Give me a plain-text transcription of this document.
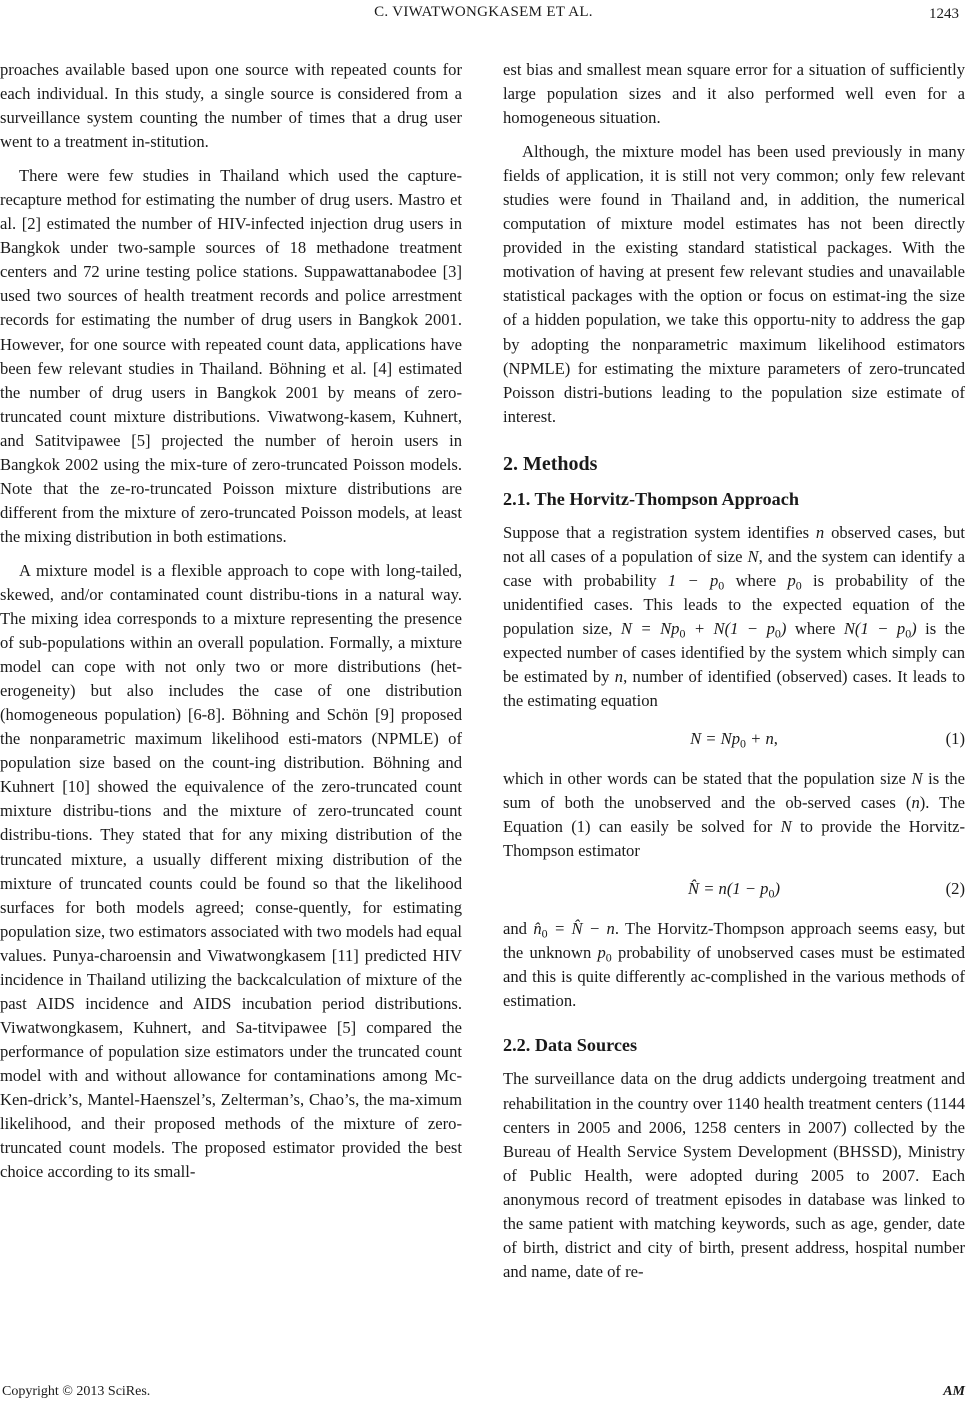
C. VIWATWONGKASEM ET AL.	1243

proaches available based upon one source with repeated counts for each individual. In this study, a single source is considered from a surveillance system counting the number of times that a drug user went to a treatment in-stitution.

There were few studies in Thailand which used the capture-recapture method for estimating the number of drug users. Mastro et al. [2] estimated the number of HIV-infected injection drug users in Bangkok under two-sample sources of 18 methadone treatment centers and 72 urine testing police stations. Suppawattanabodee [3] used two sources of health treatment records and police arrestment records for estimating the number of drug users in Bangkok 2001. However, for one source with repeated count data, applications have been few relevant studies in Thailand. Böhning et al. [4] estimated the number of drug users in Bangkok 2001 by means of zero-truncated count mixture distributions. Viwatwong-kasem, Kuhnert, and Satitvipawee [5] projected the number of heroin users in Bangkok 2002 using the mix-ture of zero-truncated Poisson models. Note that the ze-ro-truncated Poisson mixture distributions are different from the mixture of zero-truncated Poisson models, at least the mixing distribution in both estimations.

A mixture model is a flexible approach to cope with long-tailed, skewed, and/or contaminated count distribu-tions in a natural way. The mixing idea corresponds to a mixture representing the presence of sub-populations within an overall population. Formally, a mixture model can cope with not only two or more distributions (het-erogeneity) but also includes the case of one distribution (homogeneous population) [6-8]. Böhning and Schön [9] proposed the nonparametric maximum likelihood esti-mators (NPMLE) of population size based on the count-ing distribution. Böhning and Kuhnert [10] showed the equivalence of the zero-truncated count mixture distribu-tions and the mixture of zero-truncated count distribu-tions. They stated that for any mixing distribution of the truncated mixture, a usually different mixing distribution of the mixture of truncated counts could be found so that the likelihood surfaces for both models agreed; conse-quently, for estimating population size, two estimators associated with two models had equal values. Punya-charoensin and Viwatwongkasem [11] predicted HIV incidence in Thailand utilizing the backcalculation of mixture of the past AIDS incidence and AIDS incubation period distributions. Viwatwongkasem, Kuhnert, and Sa-titvipawee [5] compared the performance of population size estimators under the truncated count model with and without allowance for contaminations among Mc-Ken-drick’s, Mantel-Haenszel’s, Zelterman’s, Chao’s, the ma-ximum likelihood, and their proposed methods of the mixture of zero-truncated count models. The proposed estimator provided the best choice according to its small-

est bias and smallest mean square error for a situation of sufficiently large population sizes and it also performed well even for a homogeneous situation.

Although, the mixture model has been used previously in many fields of application, it is still not very common; only few relevant studies were found in Thailand and, in addition, the numerical computation of mixture model estimates has not been directly provided in the existing standard statistical packages. With the motivation of having at present few relevant studies and unavailable statistical packages with the option or focus on estimat-ing the size of a hidden population, we take this opportu-nity to address the gap by adopting the nonparametric maximum likelihood estimators (NPMLE) for estimating the mixture parameters of zero-truncated Poisson distri-butions leading to the population size estimate of interest.

2. Methods
2.1. The Horvitz-Thompson Approach

Suppose that a registration system identifies n observed cases, but not all cases of a population of size N, and the system can identify a case with probability $1 - p_0$ where $p_0$ is probability of the unidentified cases. This leads to the expected equation of the population size, $N = Np_0 + N(1 - p_0)$ where $N(1 - p_0)$ is the expected number of cases identified by the system which simply can be estimated by n, number of identified (observed) cases. It leads to the estimating equation

$N = Np_0 + n$,	(1)

which in other words can be stated that the population size N is the sum of both the unobserved and the ob-served cases (n). The Equation (1) can easily be solved for N to provide the Horvitz-Thompson estimator

N̂ = $n(1 - p_0)$	(2)

and $n̂_0$ = N̂ − n. The Horvitz-Thompson approach seems easy, but the unknown $p_0$ probability of unobserved cases must be estimated and this is quite differently ac-complished in the various methods of estimation.

2.2. Data Sources

The surveillance data on the drug addicts undergoing treatment and rehabilitation in the country over 1140 health treatment centers (1144 centers in 2005 and 2006, 1258 centers in 2007) collected by the Bureau of Health Service System Development (BHSSD), Ministry of Public Health, were adopted during 2005 to 2007. Each anonymous record of treatment episodes in database was linked to the same patient with matching keywords, such as age, gender, date of birth, district and city of birth, present address, hospital number and name, date of re-

Copyright © 2013 SciRes.	AM
